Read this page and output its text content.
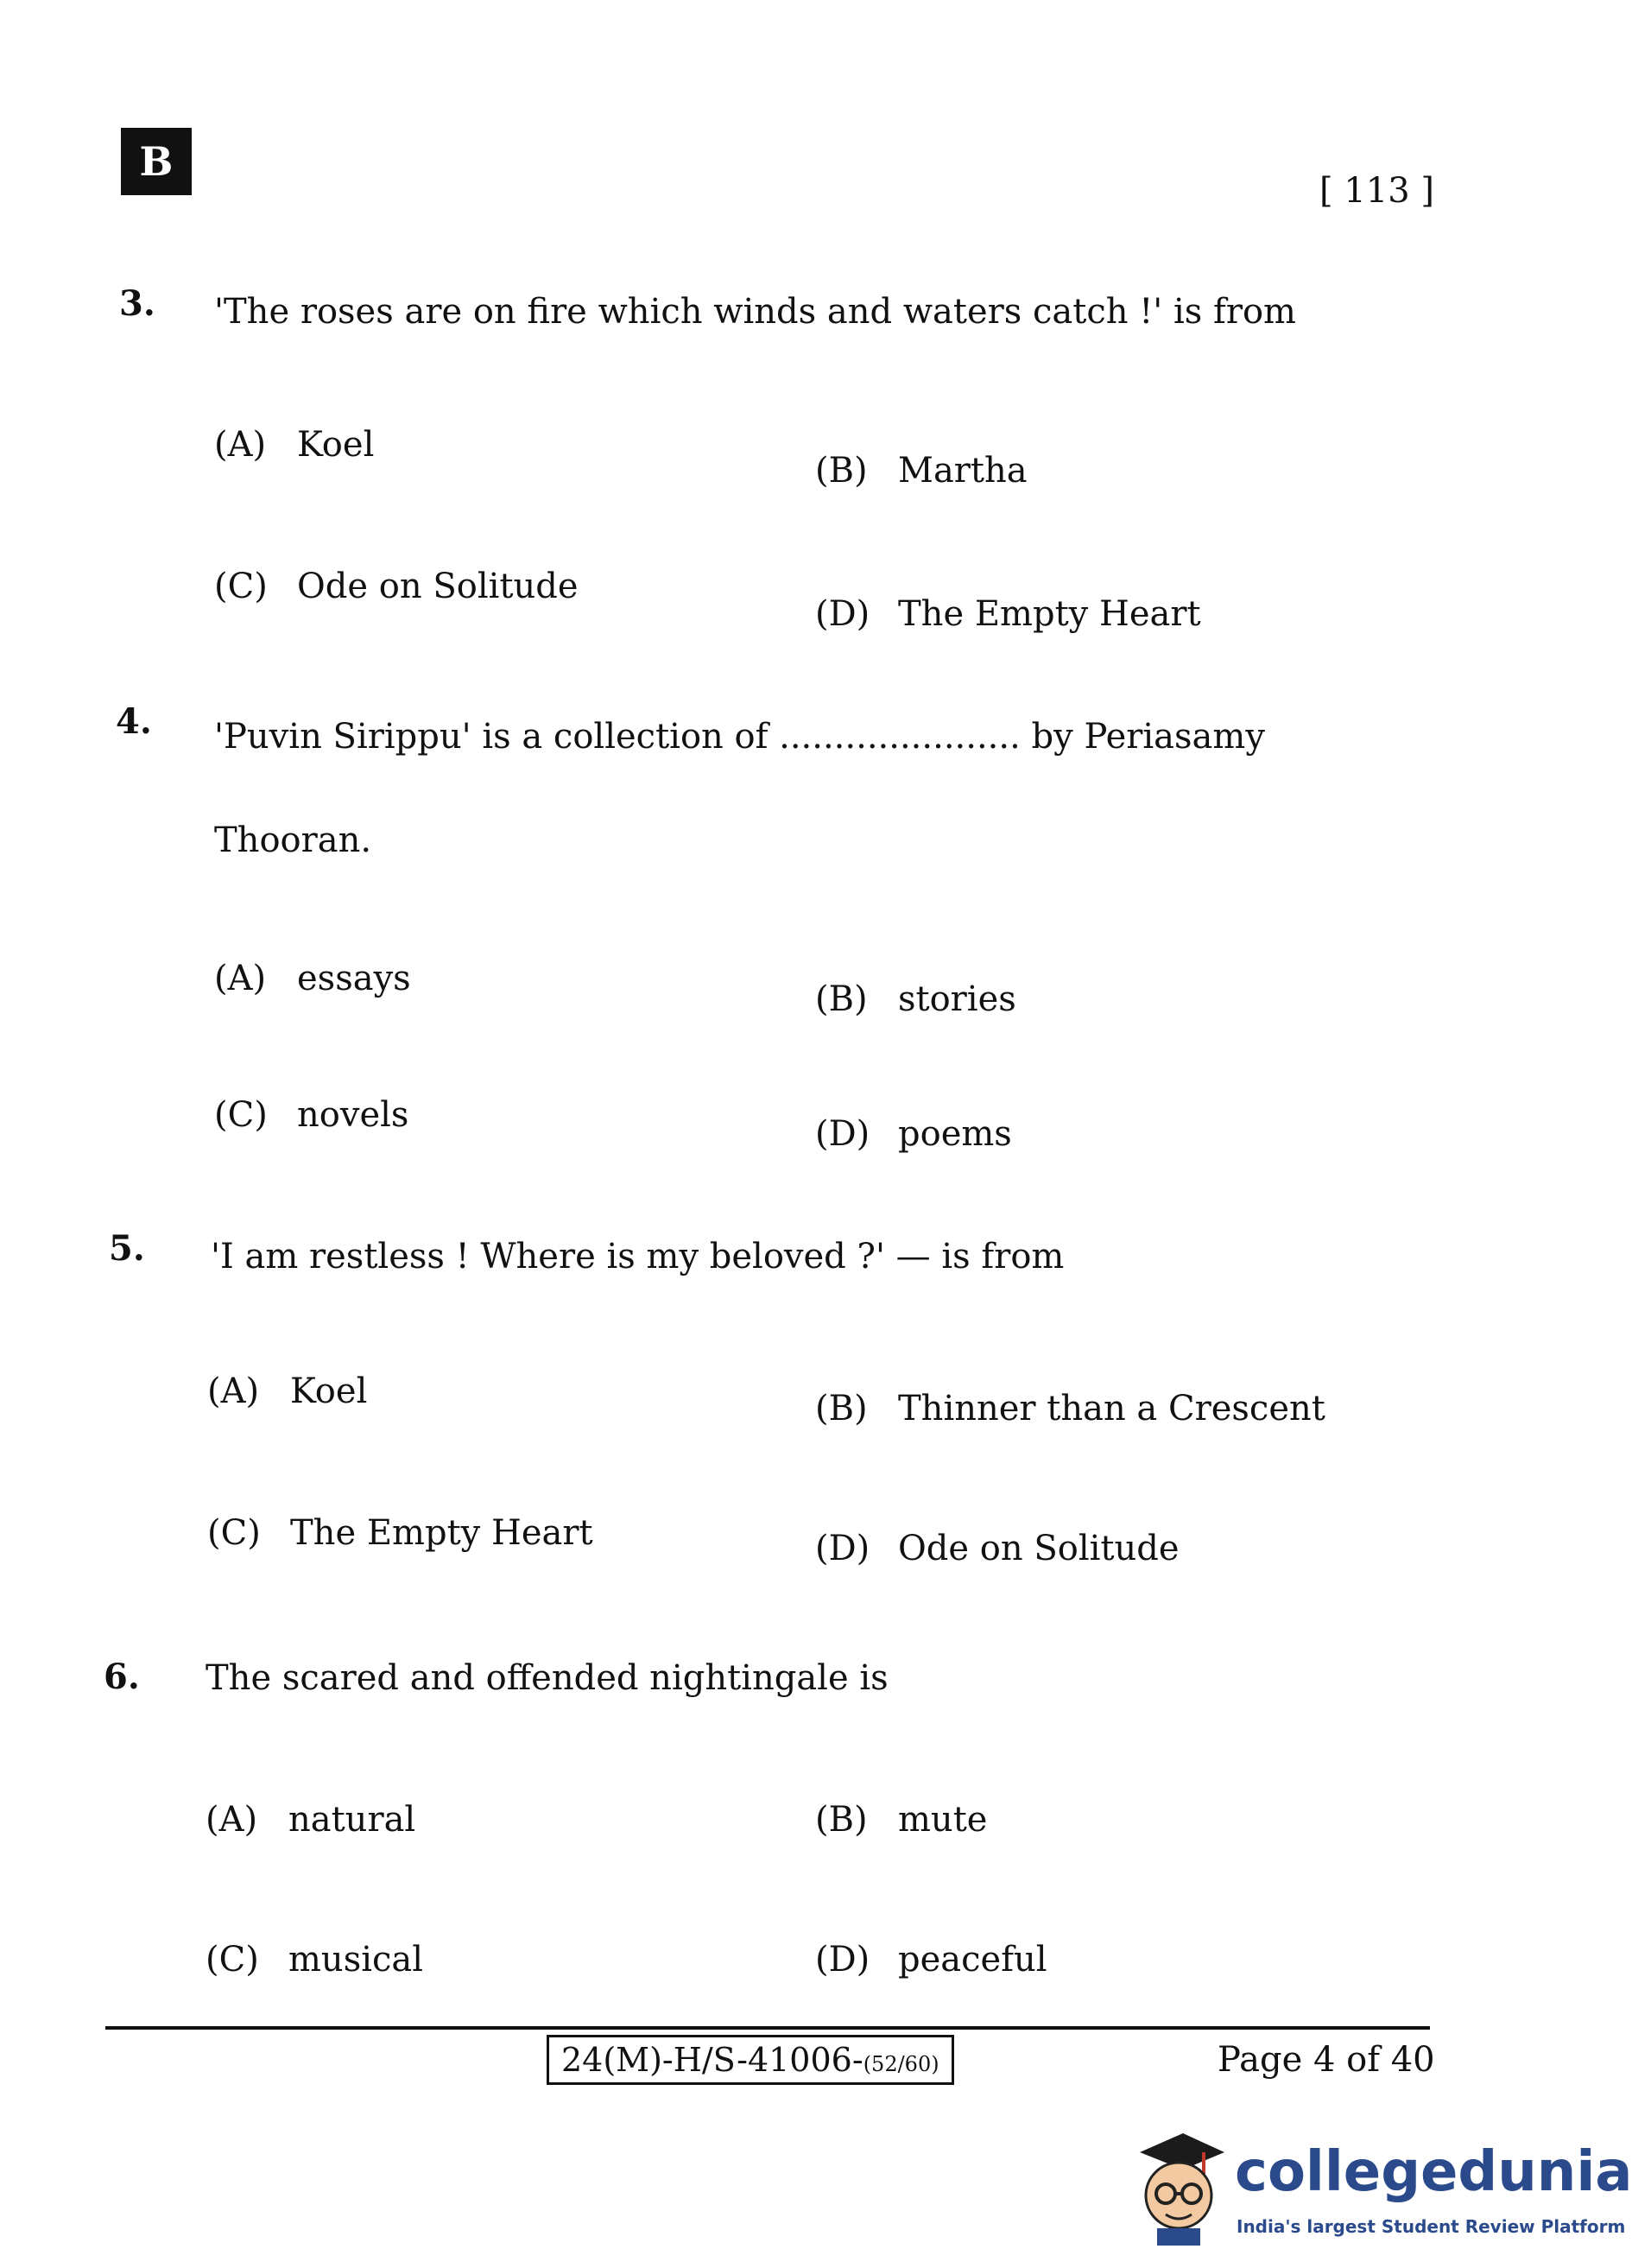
B
[ 113 ]
3. 'The roses are on fire which winds and waters catch !' is from
(A) Koel
(B) Martha
(C) Ode on Solitude
(D) The Empty Heart
4. 'Puvin Sirippu' is a collection of ...................... by Periasamy
Thooran.
(A) essays
(B) stories
(C) novels	(D) poems
5. 'I am restless ! Where is my beloved ?' — is from
(A) Koel	(B) Thinner than a Crescent
(C) The Empty Heart	(D) Ode on Solitude
6. The scared and offended nightingale is
(A) natural	(B) mute
(C) musical	(D) peaceful
24(M)-H/S-41006-(52/60)	Page 4 of 40
collegedunia
India's largest Student Review Platform
